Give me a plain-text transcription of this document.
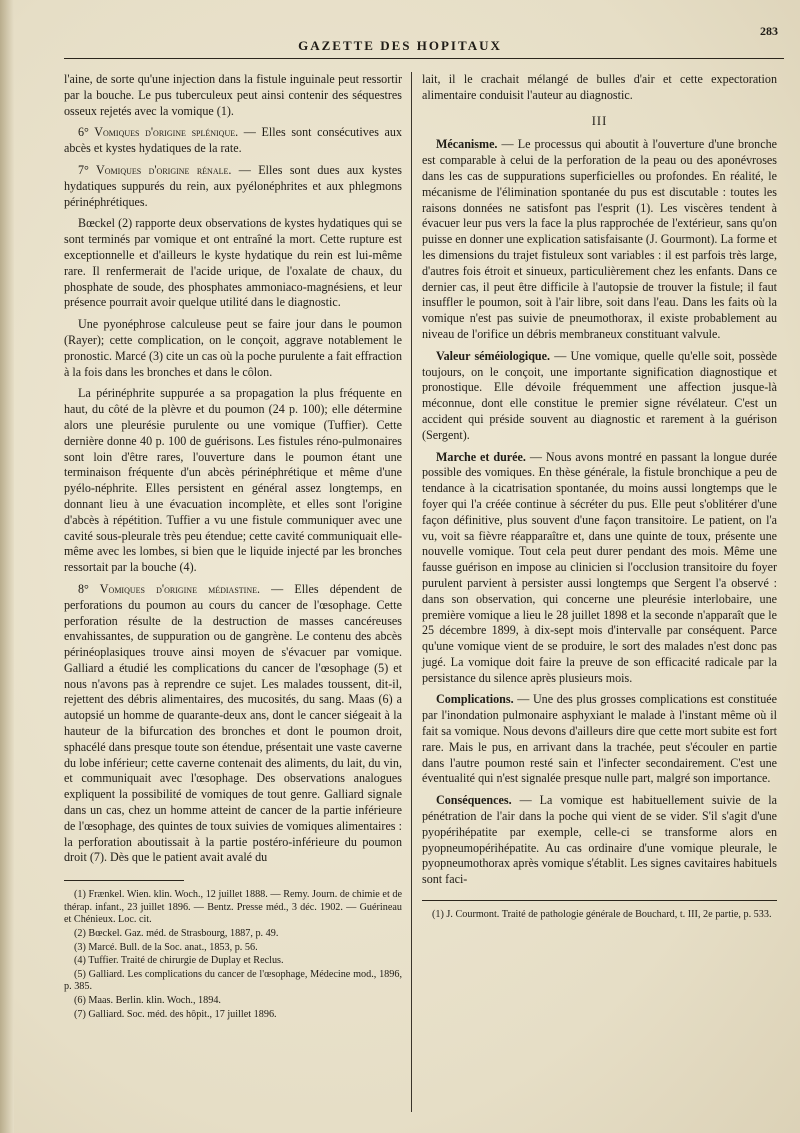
283
GAZETTE DES HOPITAUX

l'aine, de sorte qu'une injection dans la fistule inguinale peut ressortir par la bouche. Le pus tuberculeux peut ainsi contenir des séquestres osseux rejetés avec la vomique (1).

6° Vomiques d'origine splénique. — Elles sont consécutives aux abcès et kystes hydatiques de la rate.

7° Vomiques d'origine rénale. — Elles sont dues aux kystes hydatiques suppurés du rein, aux pyélonéphrites et aux phlegmons périnéphrétiques.

Bœckel (2) rapporte deux observations de kystes hydatiques qui se sont terminés par vomique et ont entraîné la mort. Cette rupture est exceptionnelle et d'ailleurs le kyste hydatique du rein est lui-même rare. Il renfermerait de l'acide urique, de l'oxalate de chaux, du phosphate de soude, des phosphates ammoniaco-magnésiens, et leur présence pourrait avoir quelque utilité dans le diagnostic.

Une pyonéphrose calculeuse peut se faire jour dans le poumon (Rayer); cette complication, on le conçoit, aggrave notablement le pronostic. Marcé (3) cite un cas où la poche purulente a fait effraction à la fois dans les bronches et dans le côlon.

La périnéphrite suppurée a sa propagation la plus fréquente en haut, du côté de la plèvre et du poumon (24 p. 100); elle détermine alors une pleurésie purulente ou une vomique (Tuffier). Cette dernière donne 40 p. 100 de guérisons. Les fistules réno-pulmonaires sont loin d'être rares, l'ouverture dans le poumon étant une terminaison fréquente d'un abcès périnéphrétique et même d'une pyélo-néphrite. Elles persistent en général assez longtemps, en donnant lieu à une évacuation incomplète, et elles sont l'origine d'abcès à répétition. Tuffier a vu une fistule communiquer avec une cavité sous-pleurale très peu étendue; cette cavité communiquait elle-même avec les lombes, si bien que le liquide injecté par les bronches ressortait par la bouche (4).

8° Vomiques d'origine médiastine. — Elles dépendent de perforations du poumon au cours du cancer de l'œsophage. Cette perforation résulte de la destruction de masses cancéreuses envahissantes, de suppuration ou de gangrène. Le contenu des abcès périnéoplasiques trouve ainsi moyen de s'évacuer par vomique. Galliard a étudié les complications du cancer de l'œsophage (5) et nous n'avons pas à reprendre ce sujet. Les malades toussent, dit-il, rejettent des débris alimentaires, des mucosités, du sang. Maas (6) a autopsié un homme de quarante-deux ans, dont le cancer siégeait à la hauteur de la bifurcation des bronches et dont le poumon droit, sphacélé dans presque toute son étendue, présentait une vaste caverne du lobe inférieur; cette caverne contenait des aliments, du lait, du vin, et communiquait avec l'œsophage. Des observations analogues expliquent la possibilité de vomiques de tout genre. Galliard signale dans un cas, chez un homme atteint de cancer de la partie inférieure de l'œsophage, des quintes de toux suivies de vomiques alimentaires : la perforation aboutissait à la partie postéro-inférieure du poumon droit (7). Dès que le patient avait avalé du

(1) Frænkel. Wien. klin. Woch., 12 juillet 1888. — Remy. Journ. de chimie et de thérap. infant., 23 juillet 1896. — Bentz. Presse méd., 3 déc. 1902. — Guérineau et Chénieux. Loc. cit.
(2) Bœckel. Gaz. méd. de Strasbourg, 1887, p. 49.
(3) Marcé. Bull. de la Soc. anat., 1853, p. 56.
(4) Tuffier. Traité de chirurgie de Duplay et Reclus.
(5) Galliard. Les complications du cancer de l'œsophage, Médecine mod., 1896, p. 385.
(6) Maas. Berlin. klin. Woch., 1894.
(7) Galliard. Soc. méd. des hôpit., 17 juillet 1896.

lait, il le crachait mélangé de bulles d'air et cette expectoration alimentaire conduisit l'auteur au diagnostic.

III

Mécanisme. — Le processus qui aboutit à l'ouverture d'une bronche est comparable à celui de la perforation de la peau ou des aponévroses dans les cas de suppurations superficielles ou profondes. En réalité, le mécanisme de l'élimination spontanée du pus est discutable : toutes les raisons données ne satisfont pas l'esprit (1). Les viscères tendent à évacuer leur pus vers la face la plus rapprochée de l'extérieur, sans qu'on puisse en donner une explication satisfaisante (J. Gourmont). La forme et les dimensions du trajet fistuleux sont variables : il est parfois très large, d'autres fois étroit et sinueux, particulièrement chez les enfants. Dans ce dernier cas, il peut être difficile à l'autopsie de trouver la fistule; il faut insuffler le poumon, soit à l'air libre, soit dans l'eau. Dans les faits où la vomique n'est pas suivie de pneumothorax, il existe probablement au niveau de l'orifice un débris membraneux constituant valvule.

Valeur séméiologique. — Une vomique, quelle qu'elle soit, possède toujours, on le conçoit, une importante signification diagnostique et pronostique. Elle dévoile fréquemment une affection jusque-là méconnue, dont elle constitue le premier signe révélateur. C'est un accident qui préside souvent au diagnostic et rarement à la guérison (Sergent).

Marche et durée. — Nous avons montré en passant la longue durée possible des vomiques. En thèse générale, la fistule bronchique a peu de tendance à la cicatrisation spontanée, du moins aussi longtemps que le foyer qui l'a créée continue à sécréter du pus. Elle peut s'oblitérer d'une façon définitive, plus souvent d'une façon transitoire. Le patient, on l'a vu, voit sa fièvre réapparaître et, dans une quinte de toux, présente une nouvelle vomique. Tout cela peut durer pendant des mois. Même une fausse guérison en impose au clinicien si l'occlusion transitoire du foyer purulent parvient à persister aussi longtemps que Sergent l'a observé : dans son observation, qui concerne une pleurésie interlobaire, une première vomique a lieu le 28 juillet 1898 et la seconde n'apparaît que le 25 décembre 1899, à dix-sept mois d'intervalle par conséquent. Parce qu'une vomique vient de se produire, le sort des malades n'est donc pas jugé. La vomique doit faire la preuve de son efficacité radicale par la persistance du silence après plusieurs mois.

Complications. — Une des plus grosses complications est constituée par l'inondation pulmonaire asphyxiant le malade à l'instant même où il fait sa vomique. Nous devons d'ailleurs dire que cette mort subite est fort rare. Mais le pus, en arrivant dans la trachée, peut s'écouler en partie dans l'autre poumon resté sain et l'infecter secondairement. C'est une éventualité qui n'est signalée presque nulle part, malgré son importance.

Conséquences. — La vomique est habituellement suivie de la pénétration de l'air dans la poche qui vient de se vider. S'il s'agit d'une pyopérihépatite par exemple, celle-ci se transforme alors en pyopneumopérihépatite. Au cas ordinaire d'une vomique pleurale, le pyopneumothorax après vomique s'établit. Les signes cavitaires habituels sont faci-

(1) J. Courmont. Traité de pathologie générale de Bouchard, t. III, 2e partie, p. 533.
